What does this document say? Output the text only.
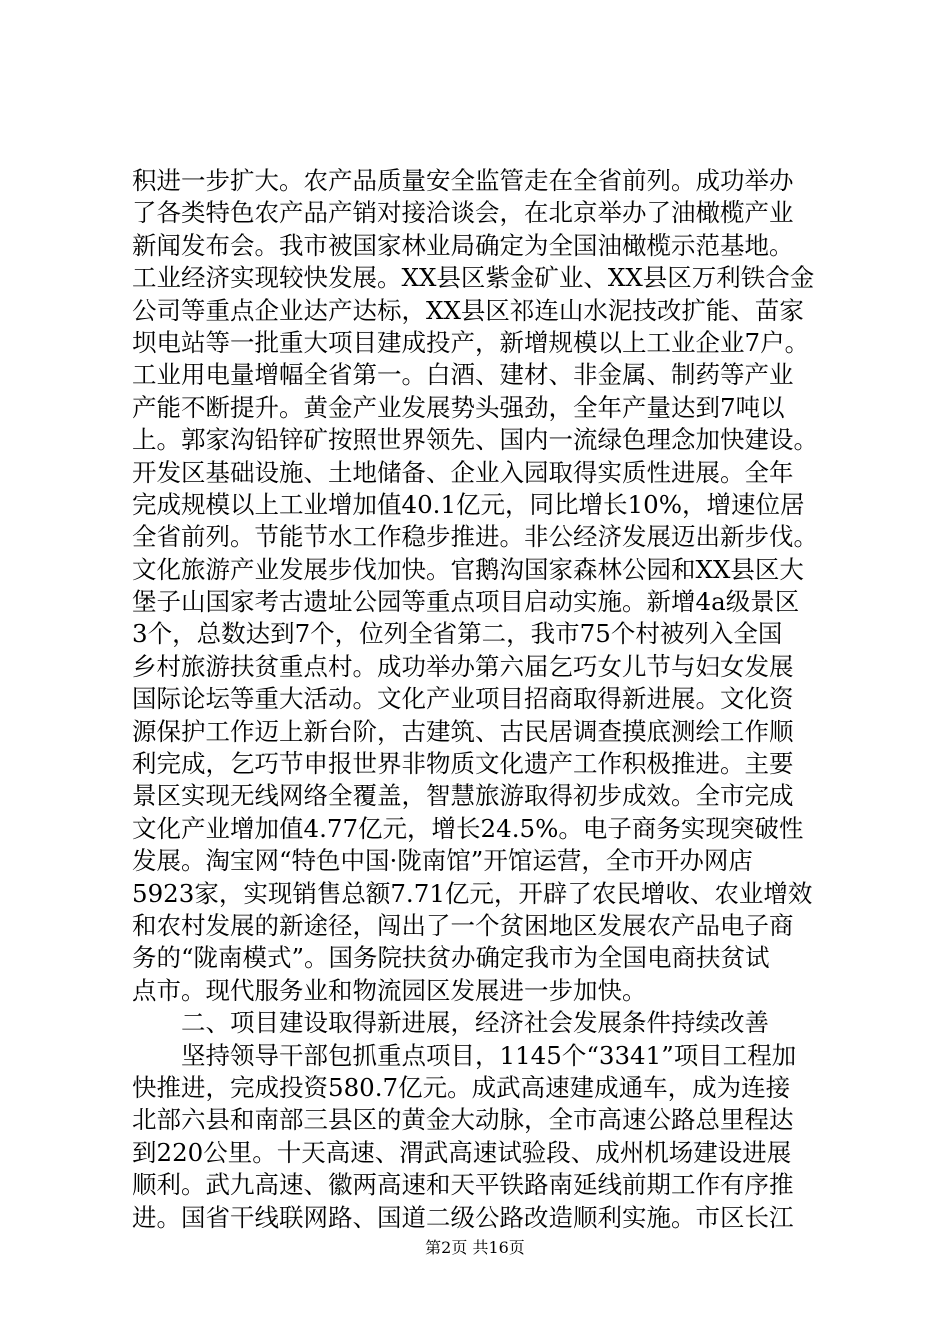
积进一步扩大。农产品质量安全监管走在全省前列。成功举办
了各类特色农产品产销对接洽谈会，在北京举办了油橄榄产业
新闻发布会。我市被国家林业局确定为全国油橄榄示范基地。
工业经济实现较快发展。XX县区紫金矿业、XX县区万利铁合金
公司等重点企业达产达标，XX县区祁连山水泥技改扩能、苗家
坝电站等一批重大项目建成投产，新增规模以上工业企业7户。
工业用电量增幅全省第一。白酒、建材、非金属、制药等产业
产能不断提升。黄金产业发展势头强劲，全年产量达到7吨以
上。郭家沟铅锌矿按照世界领先、国内一流绿色理念加快建设。
开发区基础设施、土地储备、企业入园取得实质性进展。全年
完成规模以上工业增加值40.1亿元，同比增长10%，增速位居
全省前列。节能节水工作稳步推进。非公经济发展迈出新步伐。
文化旅游产业发展步伐加快。官鹅沟国家森林公园和XX县区大
堡子山国家考古遗址公园等重点项目启动实施。新增4a级景区
3个，总数达到7个，位列全省第二，我市75个村被列入全国
乡村旅游扶贫重点村。成功举办第六届乞巧女儿节与妇女发展
国际论坛等重大活动。文化产业项目招商取得新进展。文化资
源保护工作迈上新台阶，古建筑、古民居调查摸底测绘工作顺
利完成，乞巧节申报世界非物质文化遗产工作积极推进。主要
景区实现无线网络全覆盖，智慧旅游取得初步成效。全市完成
文化产业增加值4.77亿元，增长24.5%。电子商务实现突破性
发展。淘宝网“特色中国·陇南馆”开馆运营，全市开办网店
5923家，实现销售总额7.71亿元，开辟了农民增收、农业增效
和农村发展的新途径，闯出了一个贫困地区发展农产品电子商
务的“陇南模式”。国务院扶贫办确定我市为全国电商扶贫试
点市。现代服务业和物流园区发展进一步加快。
　　二、项目建设取得新进展，经济社会发展条件持续改善
　　坚持领导干部包抓重点项目，1145个“3341”项目工程加
快推进，完成投资580.7亿元。成武高速建成通车，成为连接
北部六县和南部三县区的黄金大动脉，全市高速公路总里程达
到220公里。十天高速、渭武高速试验段、成州机场建设进展
顺利。武九高速、徽两高速和天平铁路南延线前期工作有序推
进。国省干线联网路、国道二级公路改造顺利实施。市区长江
第2页 共16页
